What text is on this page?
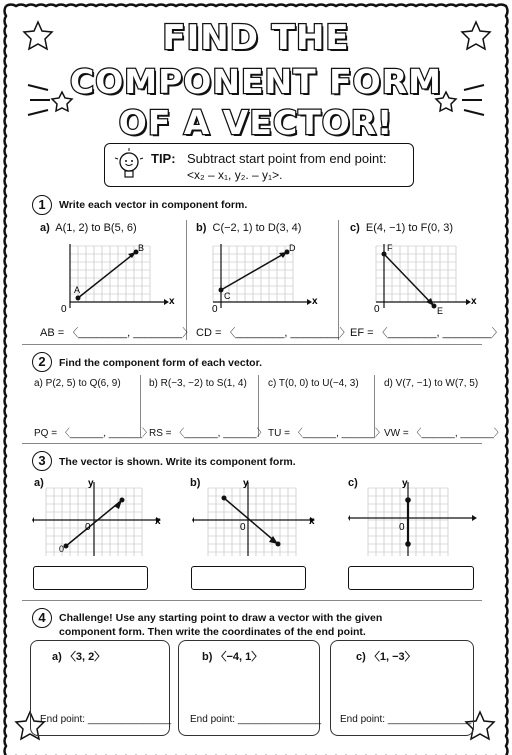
FIND THE
COMPONENT FORM
OF A VECTOR!
TIP: Subtract start point from end point:
<x₂ – x₁, y₂. – y₁>.
1	Write each vector in component form.
a) A(1, 2) to B(5, 6)	b) C(−2, 1) to D(3, 4)	c) E(4, −1) to F(0, 3)
x
0
A
B
x
0
C
D
x
0
F
E
AB = 〈________, ________〉 CD = 〈________, ________〉 EF = 〈________, ________〉
2	Find the component form of each vector.
a) P(2, 5) to Q(6, 9)	b) R(−3, −2) to S(1, 4) c) T(0, 0) to U(−4, 3)	d) V(7, −1) to W(7, 5)
PQ = 〈______, ______〉
RS = 〈______, ______〉 TU = 〈______, ______〉
VW = 〈______, ______〉
3	The vector is shown. Write its component form.
a)	b)	c)
y
x
0
0
y
x
0
y
0
4	Challenge! Use any starting point to draw a vector with the given
component form. Then write the coordinates of the end point.
a) 〈3, 2〉	b) 〈−4, 1〉	c) 〈1, −3〉
End point: _______________ End point: _______________ End point: _______________
